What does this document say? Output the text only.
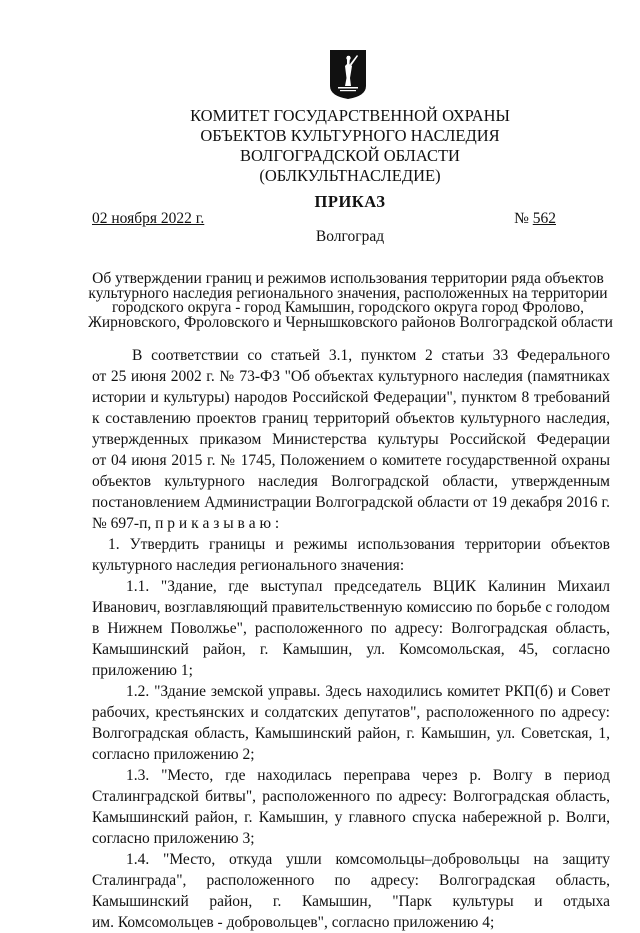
КОМИТЕТ ГОСУДАРСТВЕННОЙ ОХРАНЫ
ОБЪЕКТОВ КУЛЬТУРНОГО НАСЛЕДИЯ
ВОЛГОГРАДСКОЙ ОБЛАСТИ
(ОБЛКУЛЬТНАСЛЕДИЕ)
ПРИКАЗ
02 ноября 2022 г.	№ 562
Волгоград
Об утверждении границ и режимов использования территории ряда объектов
культурного наследия регионального значения, расположенных на территории
городского округа - город Камышин, городского округа город Фролово,
Жирновского, Фроловского и Чернышковского районов Волгоградской области
В соответствии со статьей 3.1, пунктом 2 статьи 33 Федерального
от 25 июня 2002 г. № 73-ФЗ "Об объектах культурного наследия (памятниках
истории и культуры) народов Российской Федерации", пунктом 8 требований
к составлению проектов границ территорий объектов культурного наследия,
утвержденных приказом Министерства культуры Российской Федерации
от 04 июня 2015 г. № 1745, Положением о комитете государственной охраны
объектов культурного наследия Волгоградской области, утвержденным
постановлением Администрации Волгоградской области от 19 декабря 2016 г.
№ 697-п, п р и к а з ы в а ю :
1. Утвердить границы и режимы использования территории объектов
культурного наследия регионального значения:
1.1. "Здание, где выступал председатель ВЦИК Калинин Михаил
Иванович, возглавляющий правительственную комиссию по борьбе с голодом
в Нижнем Поволжье", расположенного по адресу: Волгоградская область,
Камышинский район, г. Камышин, ул. Комсомольская, 45, согласно
приложению 1;
1.2. "Здание земской управы. Здесь находились комитет РКП(б) и Совет
рабочих, крестьянских и солдатских депутатов", расположенного по адресу:
Волгоградская область, Камышинский район, г. Камышин, ул. Советская, 1,
согласно приложению 2;
1.3. "Место, где находилась переправа через р. Волгу в период
Сталинградской битвы", расположенного по адресу: Волгоградская область,
Камышинский район, г. Камышин, у главного спуска набережной р. Волги,
согласно приложению 3;
1.4. "Место, откуда ушли комсомольцы–добровольцы на защиту
Сталинграда", расположенного по адресу: Волгоградская область,
Камышинский район, г. Камышин, "Парк культуры и отдыха
им. Комсомольцев - добровольцев", согласно приложению 4;
